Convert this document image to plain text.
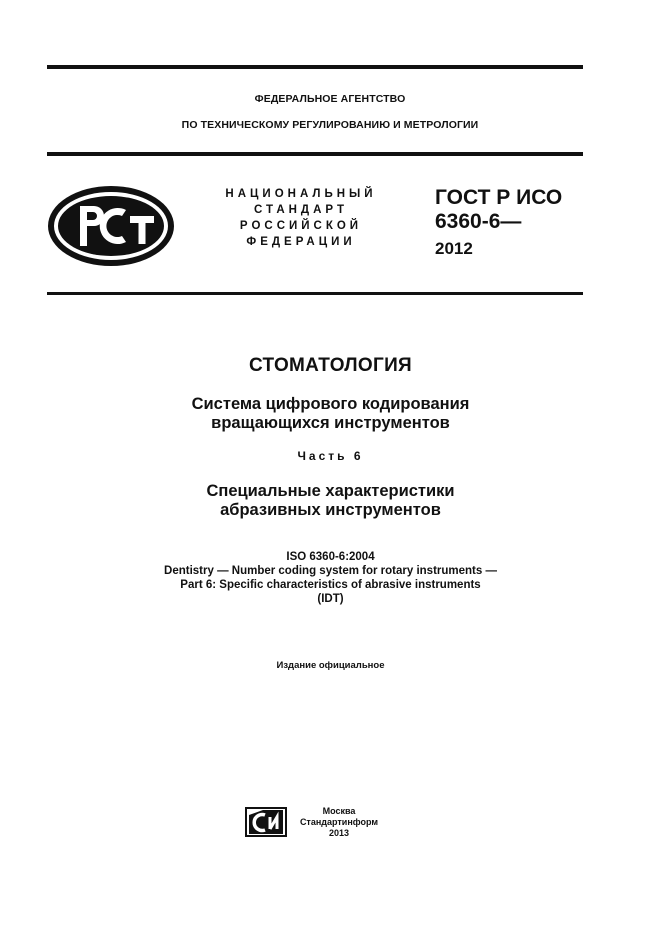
ФЕДЕРАЛЬНОЕ АГЕНТСТВО
ПО ТЕХНИЧЕСКОМУ РЕГУЛИРОВАНИЮ И МЕТРОЛОГИИ
НАЦИОНАЛЬНЫЙ
СТАНДАРТ
РОССИЙСКОЙ
ФЕДЕРАЦИИ
ГОСТ Р ИСО
6360-6—
2012
СТОМАТОЛОГИЯ
Система цифрового кодирования
вращающихся инструментов
Часть 6
Специальные характеристики
абразивных инструментов
ISO 6360-6:2004
Dentistry — Number coding system for rotary instruments —
Part 6: Specific characteristics of abrasive instruments
(IDT)
Издание официальное
Москва
Стандартинформ
2013
